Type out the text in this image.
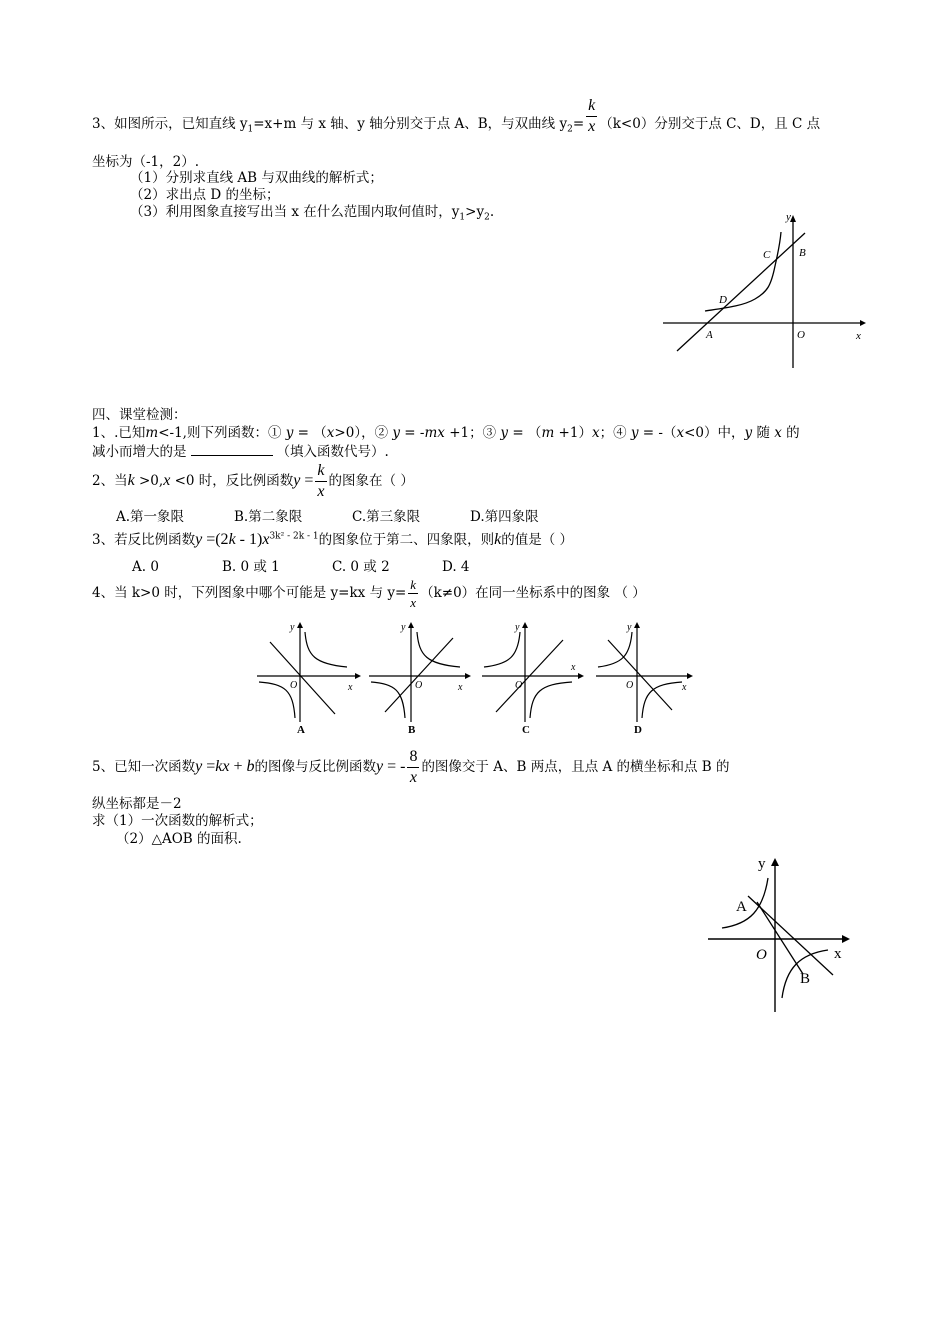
3、如图所示，已知直线 $y_1=x+m$ 与 x 轴、y 轴分别交于点 A、B，与双曲线 $y_2= \frac{k}{x} (k<0)$分别交于点 C、D，且 C 点
坐标为（-1，2）.
（1）分别求直线 AB 与双曲线的解析式；
（2）求出点 D 的坐标；
（3）利用图象直接写出当 x 在什么范围内取何值时，$y_1>y_2$.	y
x
B
C
D
A	O
四、课堂检测：
1、.已知m<-1,则下列函数：① y = （x>0），② y = -mx +1；③ y = （m +1）x；④ y = -（x<0）中，y 随 x 的
减小而增大的是	（填入函数代号）.
2、当k >0,x <0 时，反比例函数$y = \frac{k}{x}$ 的图象在（ ）
A.第一象限	B.第二象限	C.第三象限	D.第四象限
3、若反比例函数$y =(2k - 1)x^{3k^2 - 2k - 1}$的图象位于第二、四象限，则k的值是（ ）
A. 0	B. 0 或 1	C. 0 或 2	D. 4
4、当 k>0 时，下列图象中哪个可能是 y=kx 与 $y= \frac{k}{x} (k\ne 0)$在同一坐标系中的图象 （ ）
y
x
O
A
y
x
O
B
y
x
O
C
y
x
O
D
5、已知一次函数y =kx + b的图像与反比例函数y = - $\frac{8}{x}$ 的图像交于 A、B 两点，且点 A 的横坐标和点 B 的
纵坐标都是－2
求（1）一次函数的解析式；
（2）△AOB 的面积.
y
x
A
B
O
